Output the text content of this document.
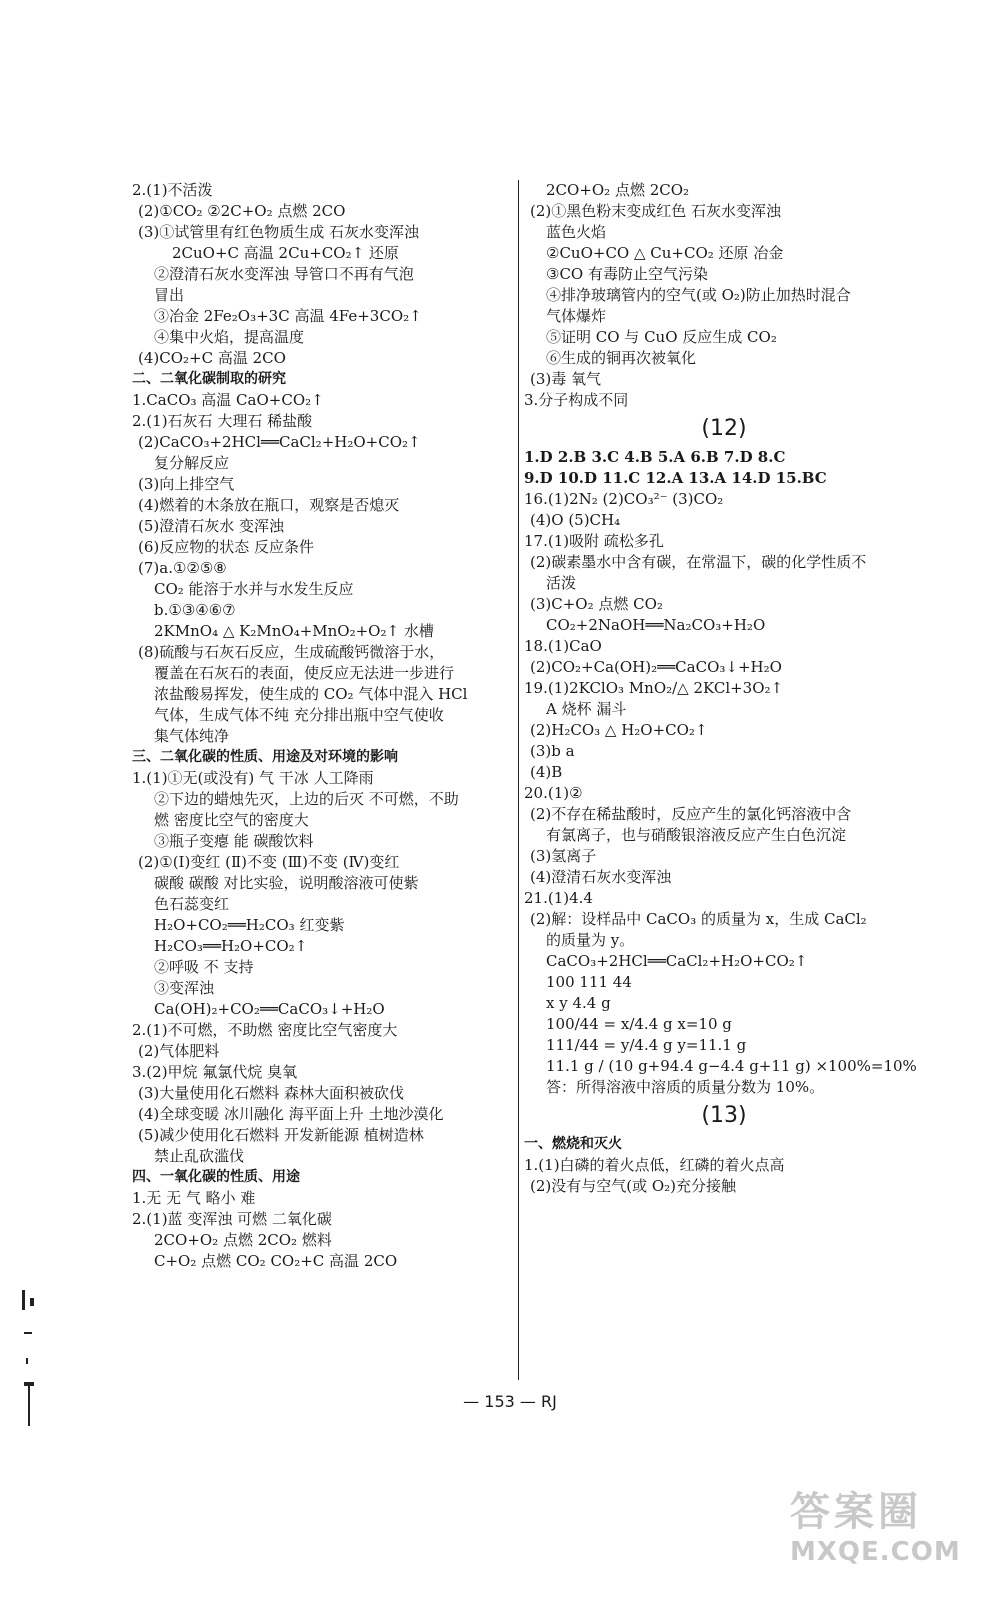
2.(1)不活泼
(2)①CO₂ ②2C+O₂ 点燃 2CO
(3)①试管里有红色物质生成 石灰水变浑浊
2CuO+C 高温 2Cu+CO₂↑ 还原
②澄清石灰水变浑浊 导管口不再有气泡
冒出
③冶金 2Fe₂O₃+3C 高温 4Fe+3CO₂↑
④集中火焰，提高温度
(4)CO₂+C 高温 2CO
二、二氧化碳制取的研究
1.CaCO₃ 高温 CaO+CO₂↑
2.(1)石灰石 大理石 稀盐酸
(2)CaCO₃+2HCl══CaCl₂+H₂O+CO₂↑
复分解反应
(3)向上排空气
(4)燃着的木条放在瓶口，观察是否熄灭
(5)澄清石灰水 变浑浊
(6)反应物的状态 反应条件
(7)a.①②⑤⑧
CO₂ 能溶于水并与水发生反应
b.①③④⑥⑦
2KMnO₄ △ K₂MnO₄+MnO₂+O₂↑ 水槽
(8)硫酸与石灰石反应，生成硫酸钙微溶于水，
覆盖在石灰石的表面，使反应无法进一步进行
浓盐酸易挥发，使生成的 CO₂ 气体中混入 HCl
气体，生成气体不纯 充分排出瓶中空气使收
集气体纯净
三、二氧化碳的性质、用途及对环境的影响
1.(1)①无(或没有) 气 干冰 人工降雨
②下边的蜡烛先灭，上边的后灭 不可燃，不助
燃 密度比空气的密度大
③瓶子变瘪 能 碳酸饮料
(2)①(Ⅰ)变红 (Ⅱ)不变 (Ⅲ)不变 (Ⅳ)变红
碳酸 碳酸 对比实验，说明酸溶液可使紫
色石蕊变红
H₂O+CO₂══H₂CO₃ 红变紫
H₂CO₃══H₂O+CO₂↑
②呼吸 不 支持
③变浑浊
Ca(OH)₂+CO₂══CaCO₃↓+H₂O
2.(1)不可燃，不助燃 密度比空气密度大
(2)气体肥料
3.(2)甲烷 氟氯代烷 臭氧
(3)大量使用化石燃料 森林大面积被砍伐
(4)全球变暖 冰川融化 海平面上升 土地沙漠化
(5)减少使用化石燃料 开发新能源 植树造林
禁止乱砍滥伐
四、一氧化碳的性质、用途
1.无 无 气 略小 难
2.(1)蓝 变浑浊 可燃 二氧化碳
2CO+O₂ 点燃 2CO₂ 燃料
C+O₂ 点燃 CO₂ CO₂+C 高温 2CO
2CO+O₂ 点燃 2CO₂
(2)①黑色粉末变成红色 石灰水变浑浊
蓝色火焰
②CuO+CO △ Cu+CO₂ 还原 冶金
③CO 有毒防止空气污染
④排净玻璃管内的空气(或 O₂)防止加热时混合
气体爆炸
⑤证明 CO 与 CuO 反应生成 CO₂
⑥生成的铜再次被氧化
(3)毒 氧气
3.分子构成不同
(12)
1.D 2.B 3.C 4.B 5.A 6.B 7.D 8.C
9.D 10.D 11.C 12.A 13.A 14.D 15.BC
16.(1)2N₂ (2)CO₃²⁻ (3)CO₂
(4)O (5)CH₄
17.(1)吸附 疏松多孔
(2)碳素墨水中含有碳，在常温下，碳的化学性质不
活泼
(3)C+O₂ 点燃 CO₂
CO₂+2NaOH══Na₂CO₃+H₂O
18.(1)CaO
(2)CO₂+Ca(OH)₂══CaCO₃↓+H₂O
19.(1)2KClO₃ MnO₂/△ 2KCl+3O₂↑
A 烧杯 漏斗
(2)H₂CO₃ △ H₂O+CO₂↑
(3)b a
(4)B
20.(1)②
(2)不存在稀盐酸时，反应产生的氯化钙溶液中含
有氯离子，也与硝酸银溶液反应产生白色沉淀
(3)氢离子
(4)澄清石灰水变浑浊
21.(1)4.4
(2)解：设样品中 CaCO₃ 的质量为 x，生成 CaCl₂
的质量为 y。
CaCO₃+2HCl══CaCl₂+H₂O+CO₂↑
100 111 44
x y 4.4 g
100/44 = x/4.4 g x=10 g
111/44 = y/4.4 g y=11.1 g
11.1 g / (10 g+94.4 g−4.4 g+11 g) ×100%=10%
答：所得溶液中溶质的质量分数为 10%。
(13)
一、燃烧和灭火
1.(1)白磷的着火点低，红磷的着火点高
(2)没有与空气(或 O₂)充分接触
— 153 — RJ
答案圈
MXQE.COM
